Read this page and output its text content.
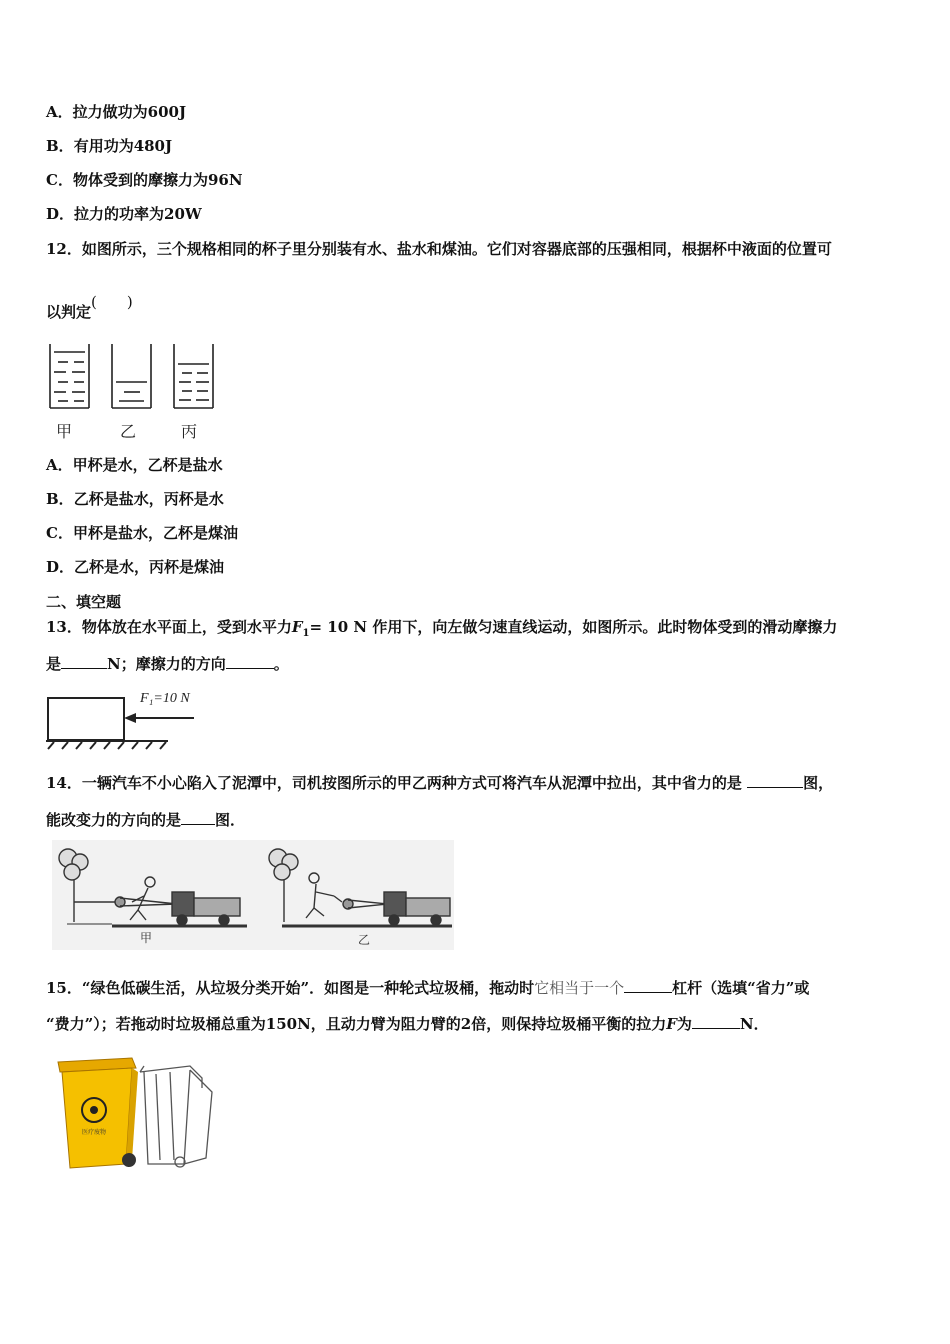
A．拉力做功为600J
B．有用功为480J
C．物体受到的摩擦力为96N
D．拉力的功率为20W
12．如图所示，三个规格相同的杯子里分别装有水、盐水和煤油。它们对容器底部的压强相同，根据杯中液面的位置可
以判定(　　)
甲	乙	丙
A．甲杯是水，乙杯是盐水
B．乙杯是盐水，丙杯是水
C．甲杯是盐水，乙杯是煤油
D．乙杯是水，丙杯是煤油
二、填空题
13．物体放在水平面上，受到水平力$F_1= 10$ N 作用下，向左做匀速直线运动，如图所示。此时物体受到的滑动摩擦力
是	N；摩擦力的方向	。
F₁=10 N
14．一辆汽车不小心陷入了泥潭中，司机按图所示的甲乙两种方式可将汽车从泥潭中拉出，其中省力的是	图，
能改变力的方向的是 图．
甲	乙
15．“绿色低碳生活，从垃圾分类开始”．如图是一种轮式垃圾桶，拖动时它相当于一个	杠杆（选填“省力”或
“费力”）；若拖动时垃圾桶总重为150N，且动力臂为阻力臂的2倍，则保持垃圾桶平衡的拉力F为	N．
医疗废物
